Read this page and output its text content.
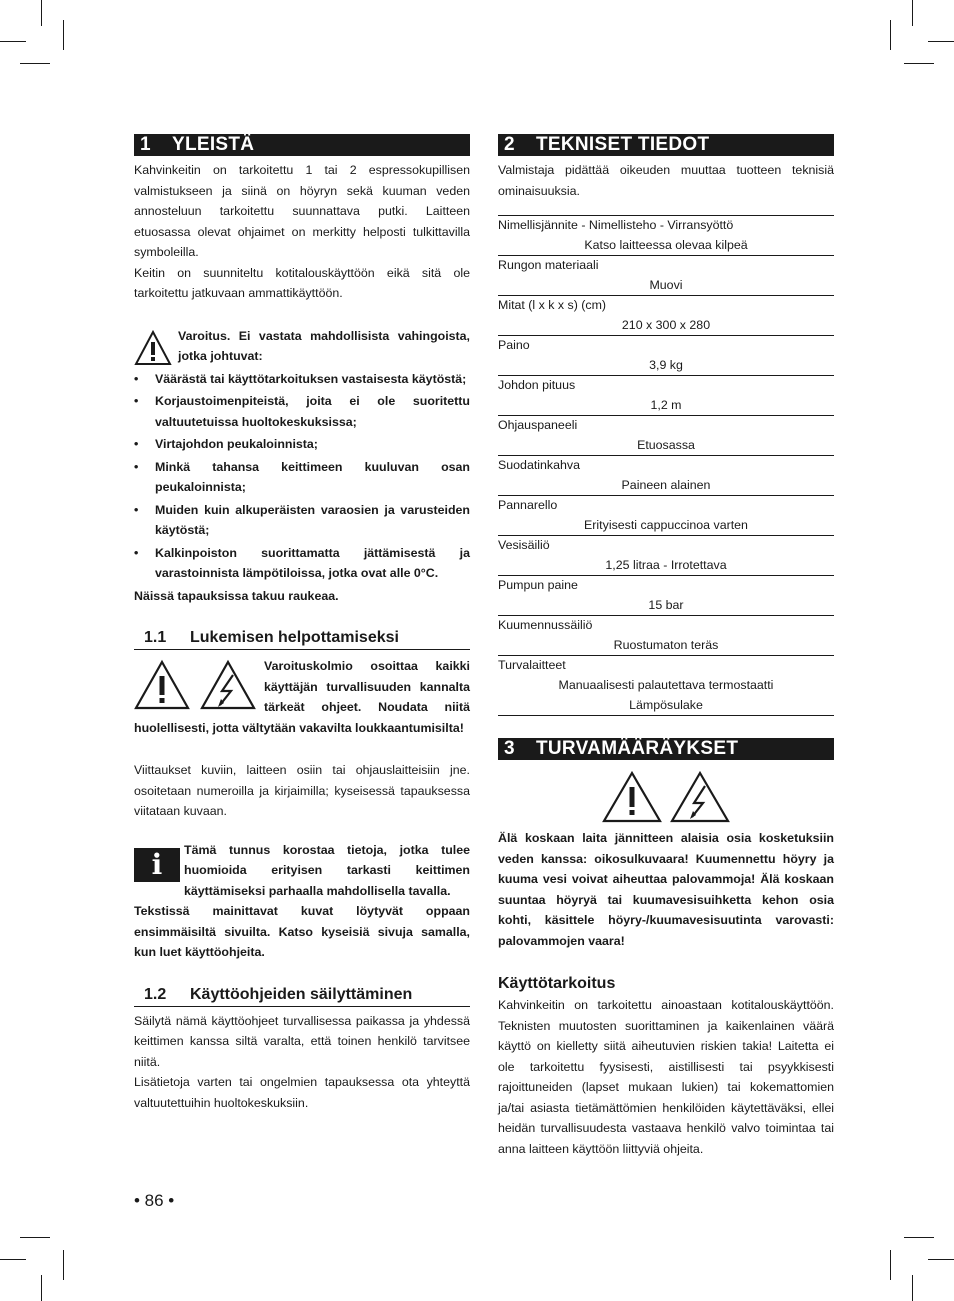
1 YLEISTÄ

Kahvinkeitin on tarkoitettu 1 tai 2 espressokupillisen valmistukseen ja siinä on höyryn sekä kuuman veden annosteluun tarkoitettu suunnattava putki. Laitteen etuosassa olevat ohjaimet on merkitty helposti tulkittavilla symboleilla.

Keitin on suunniteltu kotitalouskäyttöön eikä sitä ole tarkoitettu jatkuvaan ammattikäyttöön.

Varoitus. Ei vastata mahdollisista vahingoista, jotka johtuvat:

• Väärästä tai käyttötarkoituksen vastaisesta käytöstä;
• Korjaustoimenpiteistä, joita ei ole suoritettu valtuutetuissa huoltokeskuksissa;
• Virtajohdon peukaloinnista;
• Minkä tahansa keittimeen kuuluvan osan peukaloinnista;
• Muiden kuin alkuperäisten varaosien ja varusteiden käytöstä;
• Kalkinpoiston suorittamatta jättämisestä ja varastoinnista lämpötiloissa, jotka ovat alle 0°C.

Näissä tapauksissa takuu raukeaa.

1.1 Lukemisen helpottamiseksi

Varoituskolmio osoittaa kaikki käyttäjän turvallisuuden kannalta tärkeät ohjeet. Noudata niitä huolellisesti, jotta vältytään vakavilta loukkaantumisilta!

Viittaukset kuviin, laitteen osiin tai ohjauslaitteisiin jne. osoitetaan numeroilla ja kirjaimilla; kyseisessä tapauksessa viitataan kuvaan.

i	Tämä tunnus korostaa tietoja, jotka tulee huomioida erityisen tarkasti keittimen käyttämiseksi parhaalla mahdollisella tavalla.

Tekstissä mainittavat kuvat löytyvät oppaan ensimmäisiltä sivuilta. Katso kyseisiä sivuja samalla, kun luet käyttöohjeita.

1.2 Käyttöohjeiden säilyttäminen

Säilytä nämä käyttöohjeet turvallisessa paikassa ja yhdessä keittimen kanssa siltä varalta, että toinen henkilö tarvitsee niitä.

Lisätietoja varten tai ongelmien tapauksessa ota yhteyttä valtuutettuihin huoltokeskuksiin.

2 TEKNISET TIEDOT

Valmistaja pidättää oikeuden muuttaa tuotteen teknisiä ominaisuuksia.

Nimellisjännite - Nimellisteho - Virransyöttö
Katso laitteessa olevaa kilpeä
Rungon materiaali
Muovi
Mitat (l x k x s) (cm)
210 x 300 x 280
Paino
3,9 kg
Johdon pituus
1,2 m
Ohjauspaneeli
Etuosassa
Suodatinkahva
Paineen alainen
Pannarello
Erityisesti cappuccinoa varten
Vesisäiliö
1,25 litraa - Irrotettava
Pumpun paine
15 bar
Kuumennussäiliö
Ruostumaton teräs
Turvalaitteet
Manuaalisesti palautettava termostaatti
Lämpösulake
3 TURVAMÄÄRÄYKSET

Älä koskaan laita jännitteen alaisia osia kosketuksiin veden kanssa: oikosulkuvaara! Kuumennettu höyry ja kuuma vesi voivat aiheuttaa palovammoja! Älä koskaan suuntaa höyryä tai kuumavesisuihketta kehon osia kohti, käsittele höyry-/kuumavesisuutinta varovasti: palovammojen vaara!

Käyttötarkoitus

Kahvinkeitin on tarkoitettu ainoastaan kotitalouskäyttöön. Teknisten muutosten suorittaminen ja kaikenlainen väärä käyttö on kielletty siitä aiheutuvien riskien takia! Laitetta ei ole tarkoitettu fyysisesti, aistillisesti tai psyykkisesti rajoittuneiden (lapset mukaan lukien) tai kokemattomien ja/tai asiasta tietämättömien henkilöiden käytettäväksi, ellei heidän turvallisuudesta vastaava henkilö valvo toimintaa tai anna laitteen käyttöön liittyviä ohjeita.

• 86 •
